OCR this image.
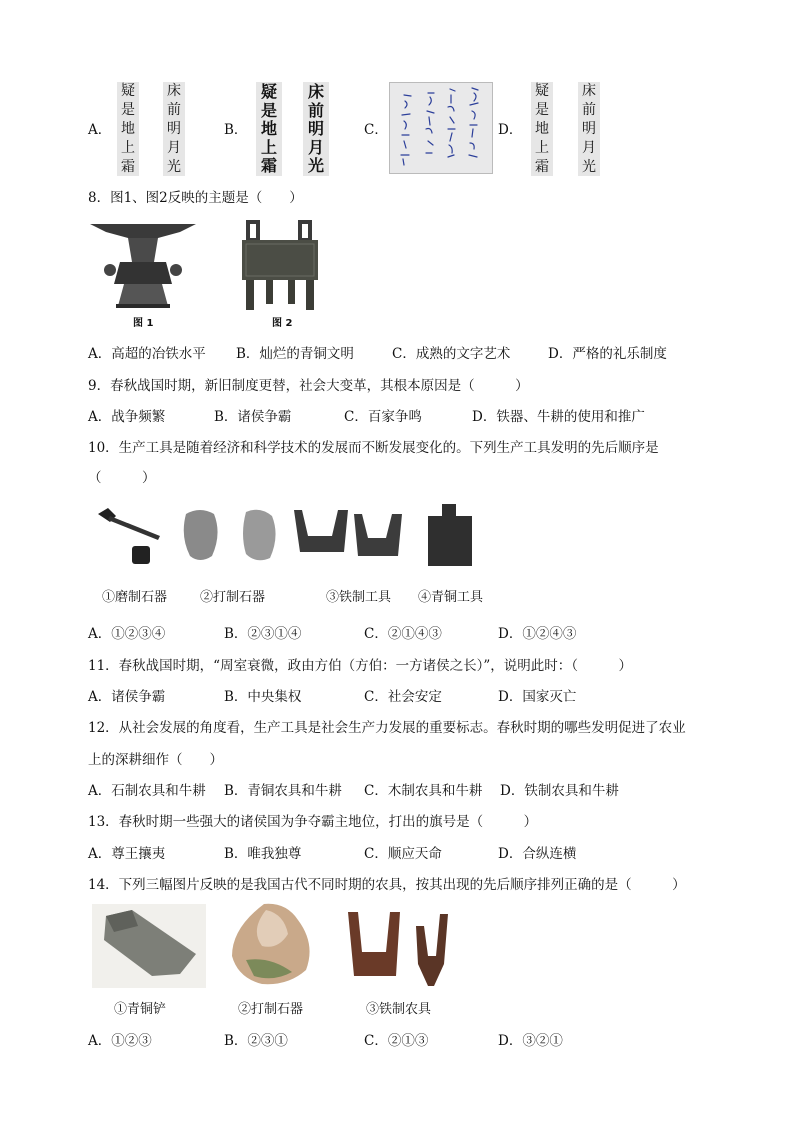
A．
疑
是
地
上
霜
床
前
明
月
光
B．
疑
是
地
上
霜
床
前
明
月
光
C．	D．
疑
是
地
上
霜
床
前
明
月
光
8．图1、图2反映的主题是（　　）
图 1	图 2
A．高超的冶铁水平 B．灿烂的青铜文明	C．成熟的文字艺术	D．严格的礼乐制度
9．春秋战国时期，新旧制度更替，社会大变革，其根本原因是（　　　）
A．战争频繁	B．诸侯争霸	C．百家争鸣	D．铁器、牛耕的使用和推广
10．生产工具是随着经济和科学技术的发展而不断发展变化的。下列生产工具发明的先后顺序是
（　　　）
①磨制石器	②打制石器	③铁制工具 ④青铜工具
A．①②③④	B．②③①④	C．②①④③	D．①②④③
11．春秋战国时期，“周室衰微，政由方伯（方伯：一方诸侯之长）”，说明此时：（　　　）
A．诸侯争霸	B．中央集权	C．社会安定	D．国家灭亡
12．从社会发展的角度看，生产工具是社会生产力发展的重要标志。春秋时期的哪些发明促进了农业
上的深耕细作（　　）
A．石制农具和牛耕 B．青铜农具和牛耕 C．木制农具和牛耕 D．铁制农具和牛耕
13．春秋时期一些强大的诸侯国为争夺霸主地位，打出的旗号是（　　　）
A．尊王攘夷	B．唯我独尊	C．顺应天命	D．合纵连横
14．下列三幅图片反映的是我国古代不同时期的农具，按其出现的先后顺序排列正确的是（　　　）
①青铜铲	②打制石器	③铁制农具
A．①②③	B．②③①	C．②①③	D．③②①
